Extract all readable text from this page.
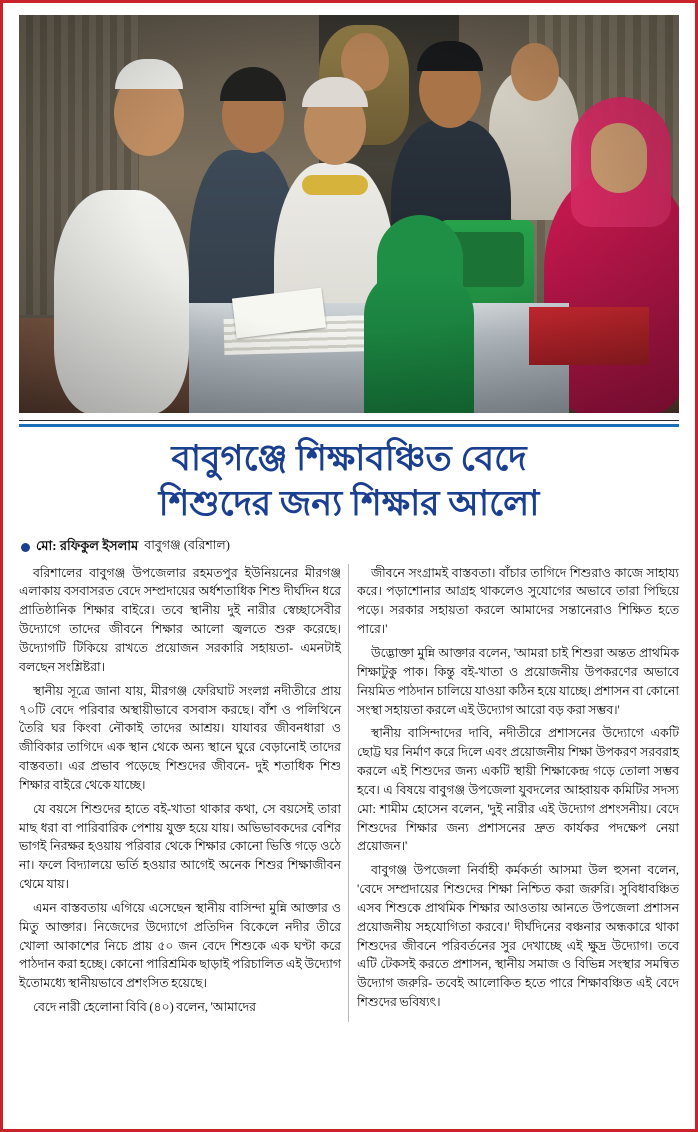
বাবুগঞ্জে শিক্ষাবঞ্চিত বেদে
শিশুদের জন্য শিক্ষার আলো
মো: রফিকুল ইসলাম বাবুগঞ্জ (বরিশাল)

বরিশালের বাবুগঞ্জ উপজেলার রহমতপুর ইউনিয়নের মীরগঞ্জ এলাকায় বসবাসরত বেদে সম্প্রদায়ের অর্ধশতাধিক শিশু দীর্ঘদিন ধরে প্রাতিষ্ঠানিক শিক্ষার বাইরে। তবে স্থানীয় দুই নারীর স্বেচ্ছাসেবীর উদ্যোগে তাদের জীবনে শিক্ষার আলো জ্বলতে শুরু করেছে। উদ্যোগটি টিকিয়ে রাখতে প্রয়োজন সরকারি সহায়তা- এমনটাই বলছেন সংশ্লিষ্টরা।

স্থানীয় সূত্রে জানা যায়, মীরগঞ্জ ফেরিঘাট সংলগ্ন নদীতীরে প্রায় ৭০টি বেদে পরিবার অস্থায়ীভাবে বসবাস করছে। বাঁশ ও পলিথিনে তৈরি ঘর কিংবা নৌকাই তাদের আশ্রয়। যাযাবর জীবনধারা ও জীবিকার তাগিদে এক স্থান থেকে অন্য স্থানে ঘুরে বেড়ানোই তাদের বাস্তবতা। এর প্রভাব পড়েছে শিশুদের জীবনে- দুই শতাধিক শিশু শিক্ষার বাইরে থেকে যাচ্ছে।

যে বয়সে শিশুদের হাতে বই-খাতা থাকার কথা, সে বয়সেই তারা মাছ ধরা বা পারিবারিক পেশায় যুক্ত হয়ে যায়। অভিভাবকদের বেশির ভাগই নিরক্ষর হওয়ায় পরিবার থেকে শিক্ষার কোনো ভিত্তি গড়ে ওঠে না। ফলে বিদ্যালয়ে ভর্তি হওয়ার আগেই অনেক শিশুর শিক্ষাজীবন থেমে যায়।

এমন বাস্তবতায় এগিয়ে এসেছেন স্থানীয় বাসিন্দা মুন্নি আক্তার ও মিতু আক্তার। নিজেদের উদ্যোগে প্রতিদিন বিকেলে নদীর তীরে খোলা আকাশের নিচে প্রায় ৫০ জন বেদে শিশুকে এক ঘণ্টা করে পাঠদান করা হচ্ছে। কোনো পারিশ্রমিক ছাড়াই পরিচালিত এই উদ্যোগ ইতোমধ্যে স্থানীয়ভাবে প্রশংসিত হয়েছে।

বেদে নারী হেলোনা বিবি (৪০) বলেন, 'আমাদের

জীবনে সংগ্রামই বাস্তবতা। বাঁচার তাগিদে শিশুরাও কাজে সাহায্য করে। পড়াশোনার আগ্রহ থাকলেও সুযোগের অভাবে তারা পিছিয়ে পড়ে। সরকার সহায়তা করলে আমাদের সন্তানেরাও শিক্ষিত হতে পারে।'

উদ্ভোক্তা মুন্নি আক্তার বলেন, 'আমরা চাই শিশুরা অন্তত প্রাথমিক শিক্ষাটুকু পাক। কিন্তু বই-খাতা ও প্রয়োজনীয় উপকরণের অভাবে নিয়মিত পাঠদান চালিয়ে যাওয়া কঠিন হয়ে যাচ্ছে। প্রশাসন বা কোনো সংস্থা সহায়তা করলে এই উদ্যোগ আরো বড় করা সম্ভব।'

স্থানীয় বাসিন্দাদের দাবি, নদীতীরে প্রশাসনের উদ্যোগে একটি ছোট্ট ঘর নির্মাণ করে দিলে এবং প্রয়োজনীয় শিক্ষা উপকরণ সরবরাহ করলে এই শিশুদের জন্য একটি স্থায়ী শিক্ষাকেন্দ্র গড়ে তোলা সম্ভব হবে। এ বিষয়ে বাবুগঞ্জ উপজেলা যুবদলের আহ্বায়ক কমিটির সদস্য মো: শামীম হোসেন বলেন, 'দুই নারীর এই উদ্যোগ প্রশংসনীয়। বেদে শিশুদের শিক্ষার জন্য প্রশাসনের দ্রুত কার্যকর পদক্ষেপ নেয়া প্রয়োজন।'

বাবুগঞ্জ উপজেলা নির্বাহী কর্মকর্তা আসমা উল হুসনা বলেন, 'বেদে সম্প্রদায়ের শিশুদের শিক্ষা নিশ্চিত করা জরুরি। সুবিধাবঞ্চিত এসব শিশুকে প্রাথমিক শিক্ষার আওতায় আনতে উপজেলা প্রশাসন প্রয়োজনীয় সহযোগিতা করবে।' দীর্ঘদিনের বঞ্চনার অন্ধকারে থাকা শিশুদের জীবনে পরিবর্তনের সুর দেখাচ্ছে এই ক্ষুদ্র উদ্যোগ। তবে এটি টেকসই করতে প্রশাসন, স্থানীয় সমাজ ও বিভিন্ন সংস্থার সমন্বিত উদ্যোগ জরুরি- তবেই আলোকিত হতে পারে শিক্ষাবঞ্চিত এই বেদে শিশুদের ভবিষ্যৎ।
